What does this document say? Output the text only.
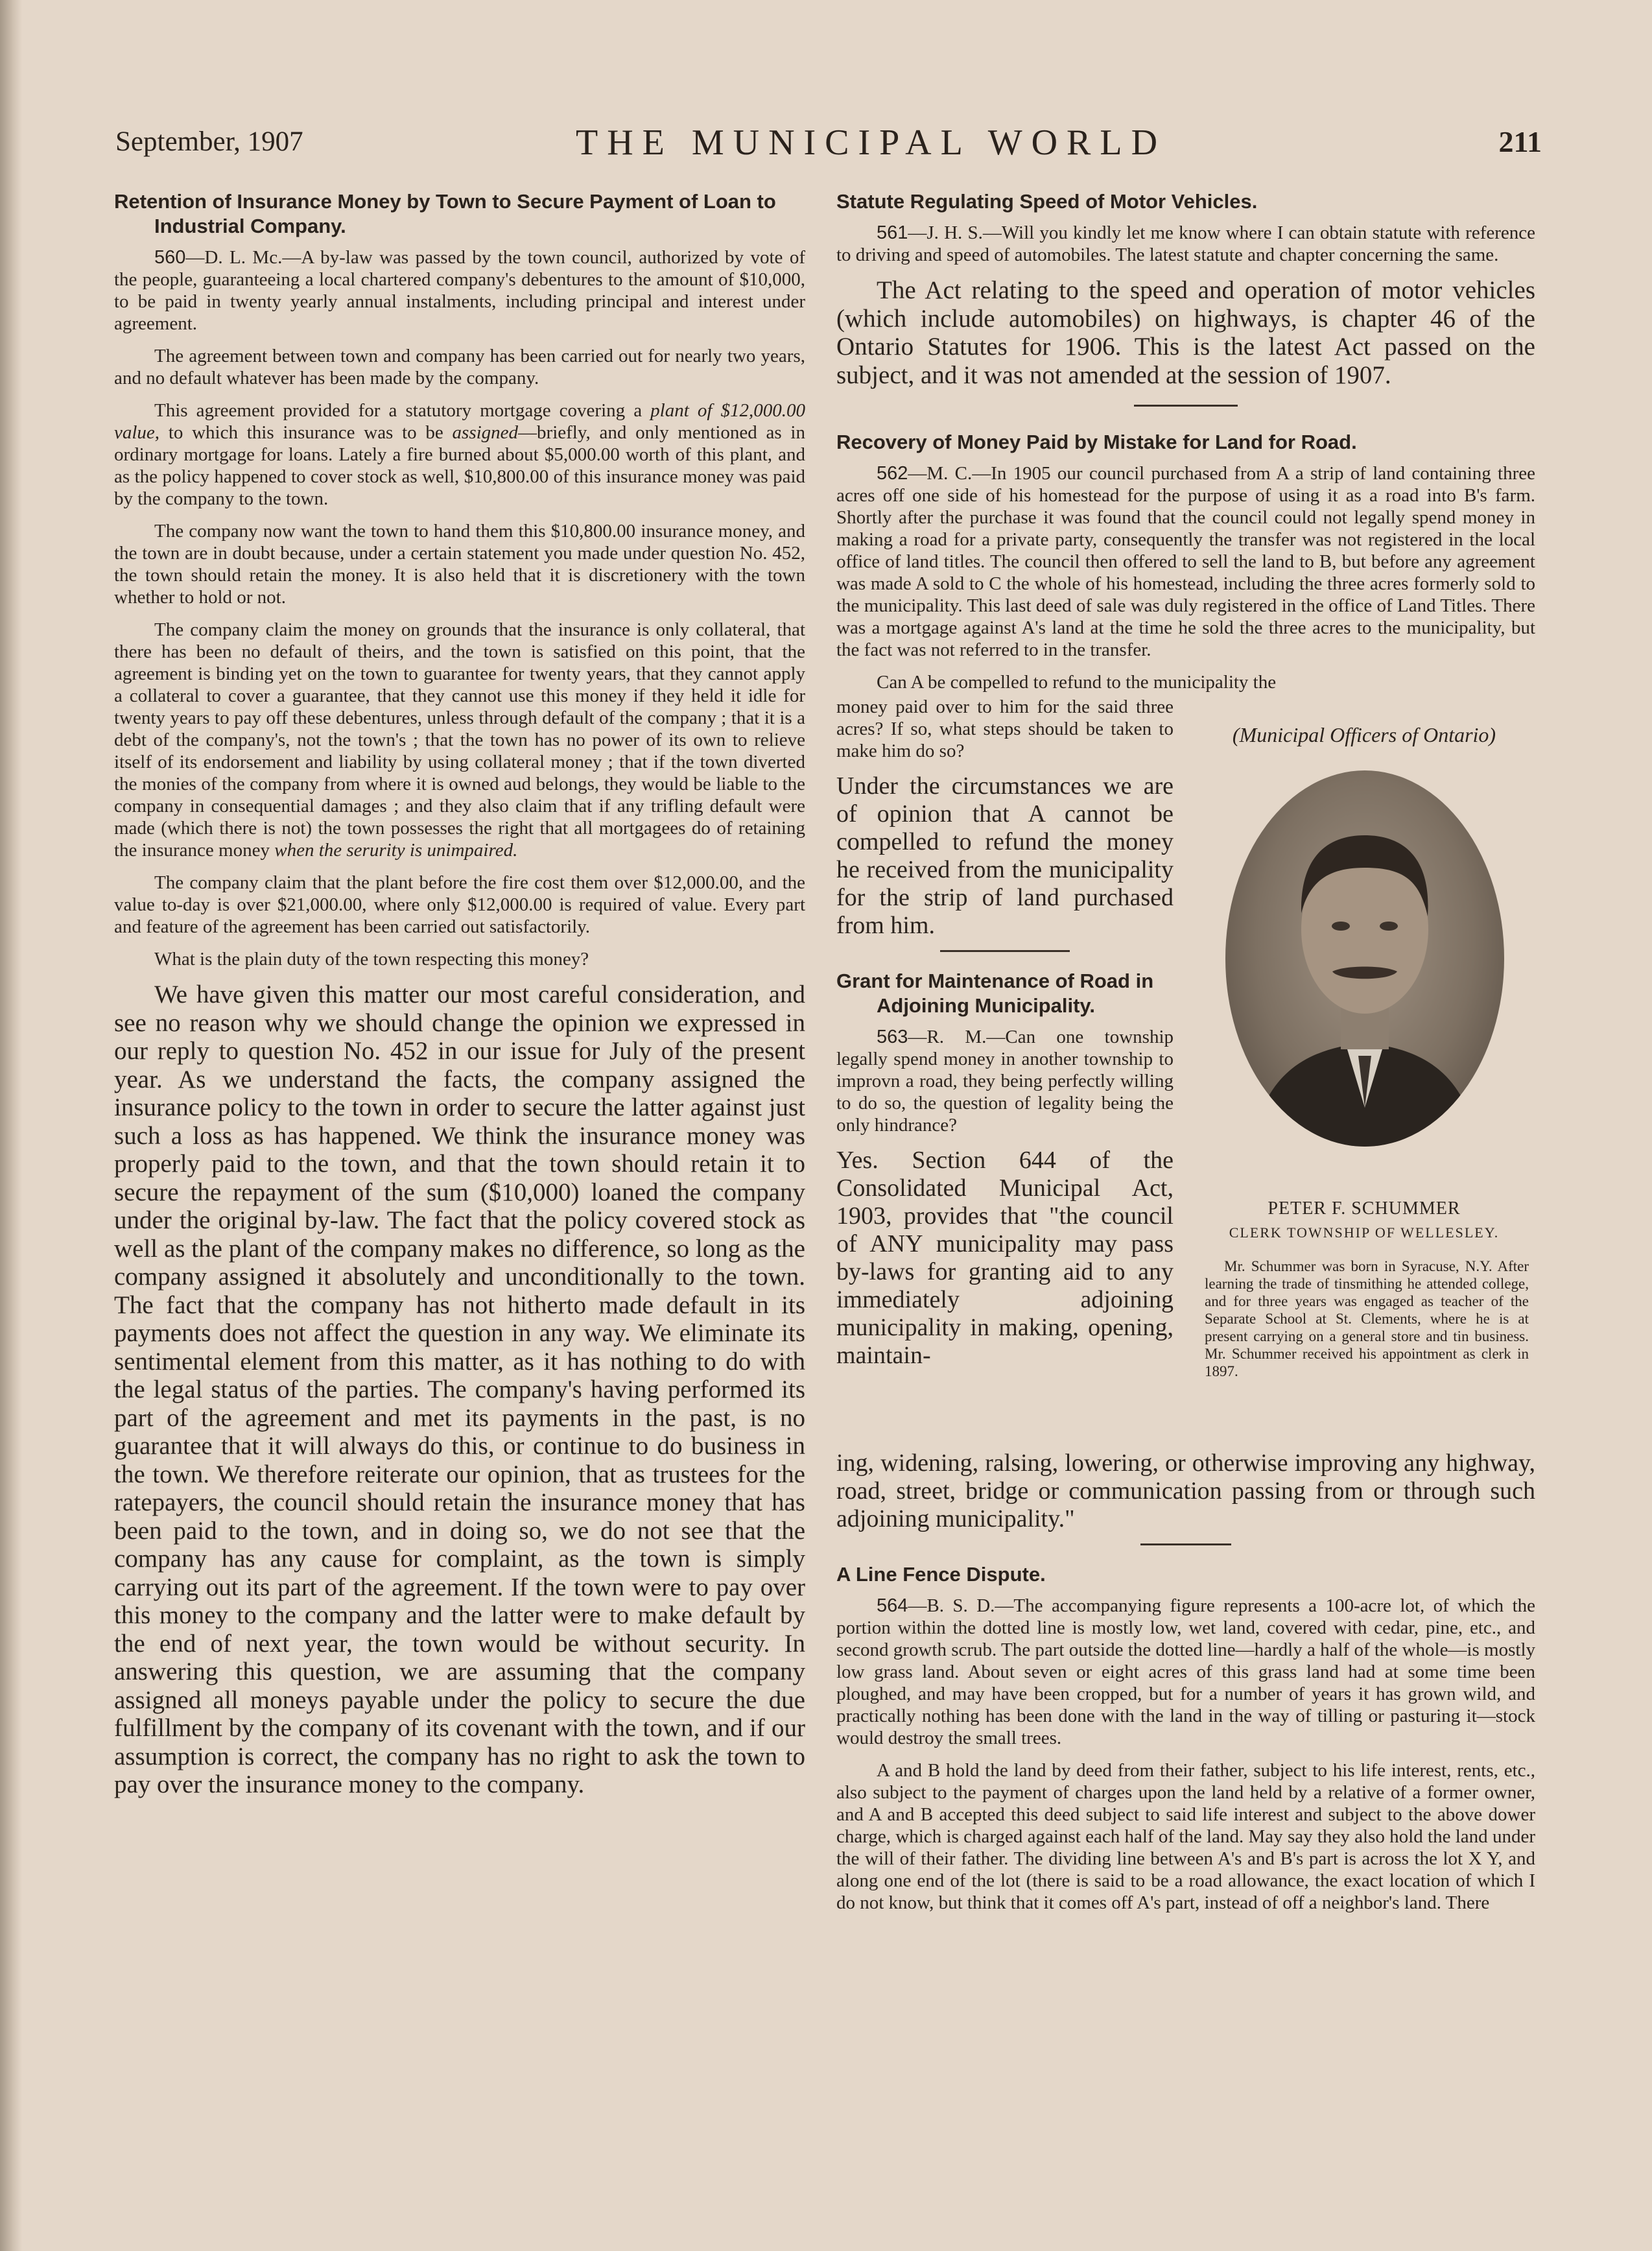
September, 1907	THE MUNICIPAL WORLD	211
Retention of Insurance Money by Town to Secure Payment of Loan to Industrial Company.

560—D. L. Mc.—A by-law was passed by the town council, authorized by vote of the people, guaranteeing a local chartered company's debentures to the amount of $10,000, to be paid in twenty yearly annual instalments, including principal and interest under agreement.

The agreement between town and company has been carried out for nearly two years, and no default whatever has been made by the company.

This agreement provided for a statutory mortgage covering a plant of $12,000.00 value, to which this insurance was to be assigned—briefly, and only mentioned as in ordinary mortgage for loans. Lately a fire burned about $5,000.00 worth of this plant, and as the policy happened to cover stock as well, $10,800.00 of this insurance money was paid by the company to the town.

The company now want the town to hand them this $10,800.00 insurance money, and the town are in doubt because, under a certain statement you made under question No. 452, the town should retain the money. It is also held that it is discretionery with the town whether to hold or not.

The company claim the money on grounds that the insurance is only collateral, that there has been no default of theirs, and the town is satisfied on this point, that the agreement is binding yet on the town to guarantee for twenty years, that they cannot apply a collateral to cover a guarantee, that they cannot use this money if they held it idle for twenty years to pay off these debentures, unless through default of the company ; that it is a debt of the company's, not the town's ; that the town has no power of its own to relieve itself of its endorsement and liability by using collateral money ; that if the town diverted the monies of the company from where it is owned aud belongs, they would be liable to the company in consequential damages ; and they also claim that if any trifling default were made (which there is not) the town possesses the right that all mortgagees do of retaining the insurance money when the serurity is unimpaired.

The company claim that the plant before the fire cost them over $12,000.00, and the value to-day is over $21,000.00, where only $12,000.00 is required of value. Every part and feature of the agreement has been carried out satisfactorily.

What is the plain duty of the town respecting this money?

We have given this matter our most careful consideration, and see no reason why we should change the opinion we expressed in our reply to question No. 452 in our issue for July of the present year. As we understand the facts, the company assigned the insurance policy to the town in order to secure the latter against just such a loss as has happened. We think the insurance money was properly paid to the town, and that the town should retain it to secure the repayment of the sum ($10,000) loaned the company under the original by-law. The fact that the policy covered stock as well as the plant of the company makes no difference, so long as the company assigned it absolutely and unconditionally to the town. The fact that the company has not hitherto made default in its payments does not affect the question in any way. We eliminate its sentimental element from this matter, as it has nothing to do with the legal status of the parties. The company's having performed its part of the agreement and met its payments in the past, is no guarantee that it will always do this, or continue to do business in the town. We therefore reiterate our opinion, that as trustees for the ratepayers, the council should retain the insurance money that has been paid to the town, and in doing so, we do not see that the company has any cause for complaint, as the town is simply carrying out its part of the agreement. If the town were to pay over this money to the company and the latter were to make default by the end of next year, the town would be without security. In answering this question, we are assuming that the company assigned all moneys payable under the policy to secure the due fulfillment by the company of its covenant with the town, and if our assumption is correct, the company has no right to ask the town to pay over the insurance money to the company.

Statute Regulating Speed of Motor Vehicles.

561—J. H. S.—Will you kindly let me know where I can obtain statute with reference to driving and speed of automobiles. The latest statute and chapter concerning the same.

The Act relating to the speed and operation of motor vehicles (which include automobiles) on highways, is chapter 46 of the Ontario Statutes for 1906. This is the latest Act passed on the subject, and it was not amended at the session of 1907.

Recovery of Money Paid by Mistake for Land for Road.

562—M. C.—In 1905 our council purchased from A a strip of land containing three acres off one side of his homestead for the purpose of using it as a road into B's farm. Shortly after the purchase it was found that the council could not legally spend money in making a road for a private party, consequently the transfer was not registered in the local office of land titles. The council then offered to sell the land to B, but before any agreement was made A sold to C the whole of his homestead, including the three acres formerly sold to the municipality. This last deed of sale was duly registered in the office of Land Titles. There was a mortgage against A's land at the time he sold the three acres to the municipality, but the fact was not referred to in the transfer.

Can A be compelled to refund to the municipality the

money paid over to him for the said three acres? If so, what steps should be taken to make him do so?

Under the circumstances we are of opinion that A cannot be compelled to refund the money he received from the municipality for the strip of land purchased from him.

Grant for Maintenance of Road in Adjoining Municipality.

563—R. M.—Can one township legally spend money in another township to improvn a road, they being perfectly willing to do so, the question of legality being the only hindrance?

Yes. Section 644 of the Consolidated Municipal Act, 1903, provides that "the council of ANY municipality may pass by-laws for granting aid to any immediately adjoining municipality in making, opening, maintain-

(Municipal Officers of Ontario)
PETER F. SCHUMMER
CLERK TOWNSHIP OF WELLESLEY.
Mr. Schummer was born in Syracuse, N.Y. After learning the trade of tinsmithing he attended college, and for three years was engaged as teacher of the Separate School at St. Clements, where he is at present carrying on a general store and tin business. Mr. Schummer received his appointment as clerk in 1897.

ing, widening, ralsing, lowering, or otherwise improving any highway, road, street, bridge or communication passing from or through such adjoining municipality."

A Line Fence Dispute.

564—B. S. D.—The accompanying figure represents a 100-acre lot, of which the portion within the dotted line is mostly low, wet land, covered with cedar, pine, etc., and second growth scrub. The part outside the dotted line—hardly a half of the whole—is mostly low grass land. About seven or eight acres of this grass land had at some time been ploughed, and may have been cropped, but for a number of years it has grown wild, and practically nothing has been done with the land in the way of tilling or pasturing it—stock would destroy the small trees.

A and B hold the land by deed from their father, subject to his life interest, rents, etc., also subject to the payment of charges upon the land held by a relative of a former owner, and A and B accepted this deed subject to said life interest and subject to the above dower charge, which is charged against each half of the land. May say they also hold the land under the will of their father. The dividing line between A's and B's part is across the lot X Y, and along one end of the lot (there is said to be a road allowance, the exact location of which I do not know, but think that it comes off A's part, instead of off a neighbor's land. There
